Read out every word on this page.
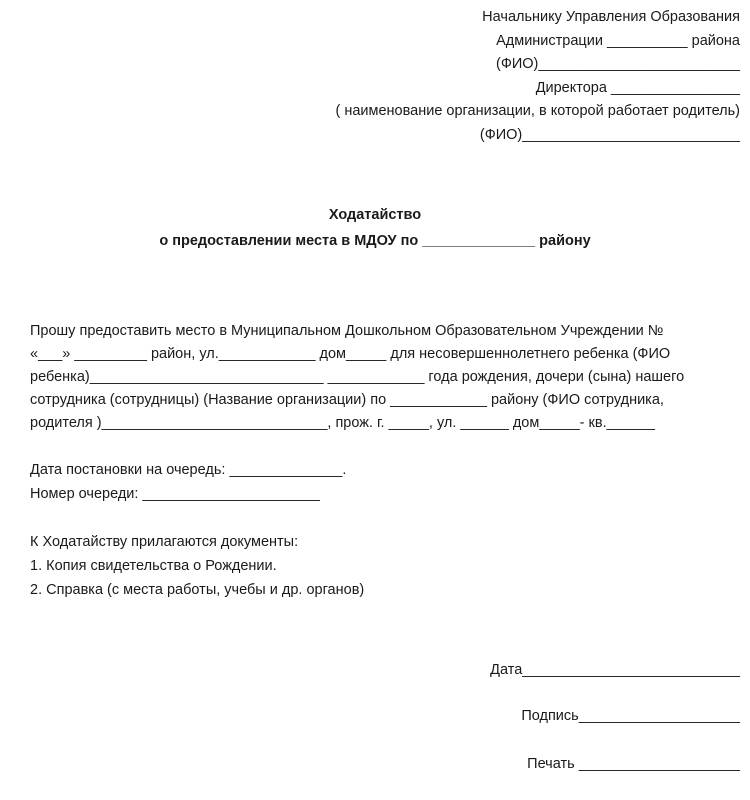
Начальнику Управления Образования
Администрации __________ района
(ФИО)_________________________
Директора ________________
( наименование организации, в которой работает родитель)
(ФИО)___________________________
Ходатайство
о предоставлении места в МДОУ по ______________ району
Прошу предоставить место в Муниципальном Дошкольном Образовательном Учреждении №
«___» _________ район, ул.____________ дом_____ для несовершеннолетнего ребенка (ФИО
ребенка)_____________________________ ____________ года рождения, дочери (сына) нашего
сотрудника (сотрудницы) (Название организации) по ____________ району (ФИО сотрудника,
родителя )____________________________, прож. г. _____, ул. ______ дом_____- кв.______
Дата постановки на очередь: ______________.
Номер очереди: ______________________
К Ходатайству прилагаются документы:
1. Копия свидетельства о Рождении.
2. Справка (с места работы, учебы и др. органов)
Дата___________________________
Подпись____________________
Печать ____________________
